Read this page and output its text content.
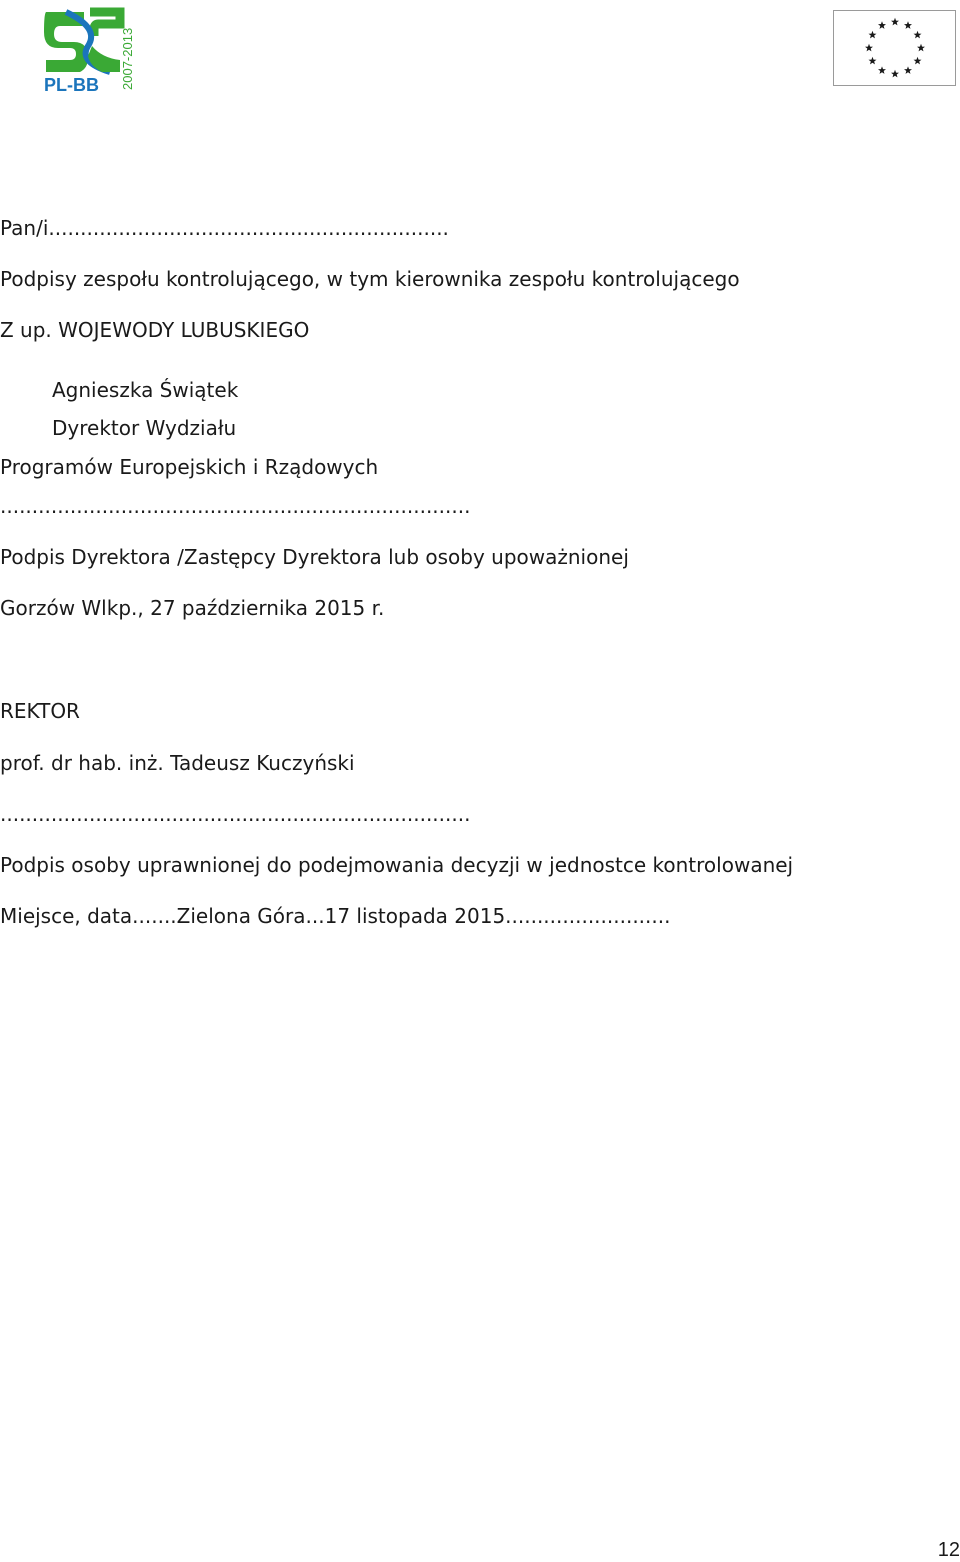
PL-BB 2007-2013
Pan/i...............................................................
Podpisy zespołu kontrolującego, w tym kierownika zespołu kontrolującego
Z up. WOJEWODY LUBUSKIEGO
Agnieszka Świątek
Dyrektor Wydziału
Programów Europejskich i Rządowych
..........................................................................
Podpis Dyrektora /Zastępcy Dyrektora lub osoby upoważnionej
Gorzów Wlkp., 27 października 2015 r.
REKTOR
prof. dr hab. inż. Tadeusz Kuczyński
..........................................................................
Podpis osoby uprawnionej do podejmowania decyzji w jednostce kontrolowanej
Miejsce, data.......Zielona Góra...17 listopada 2015..........................
12
